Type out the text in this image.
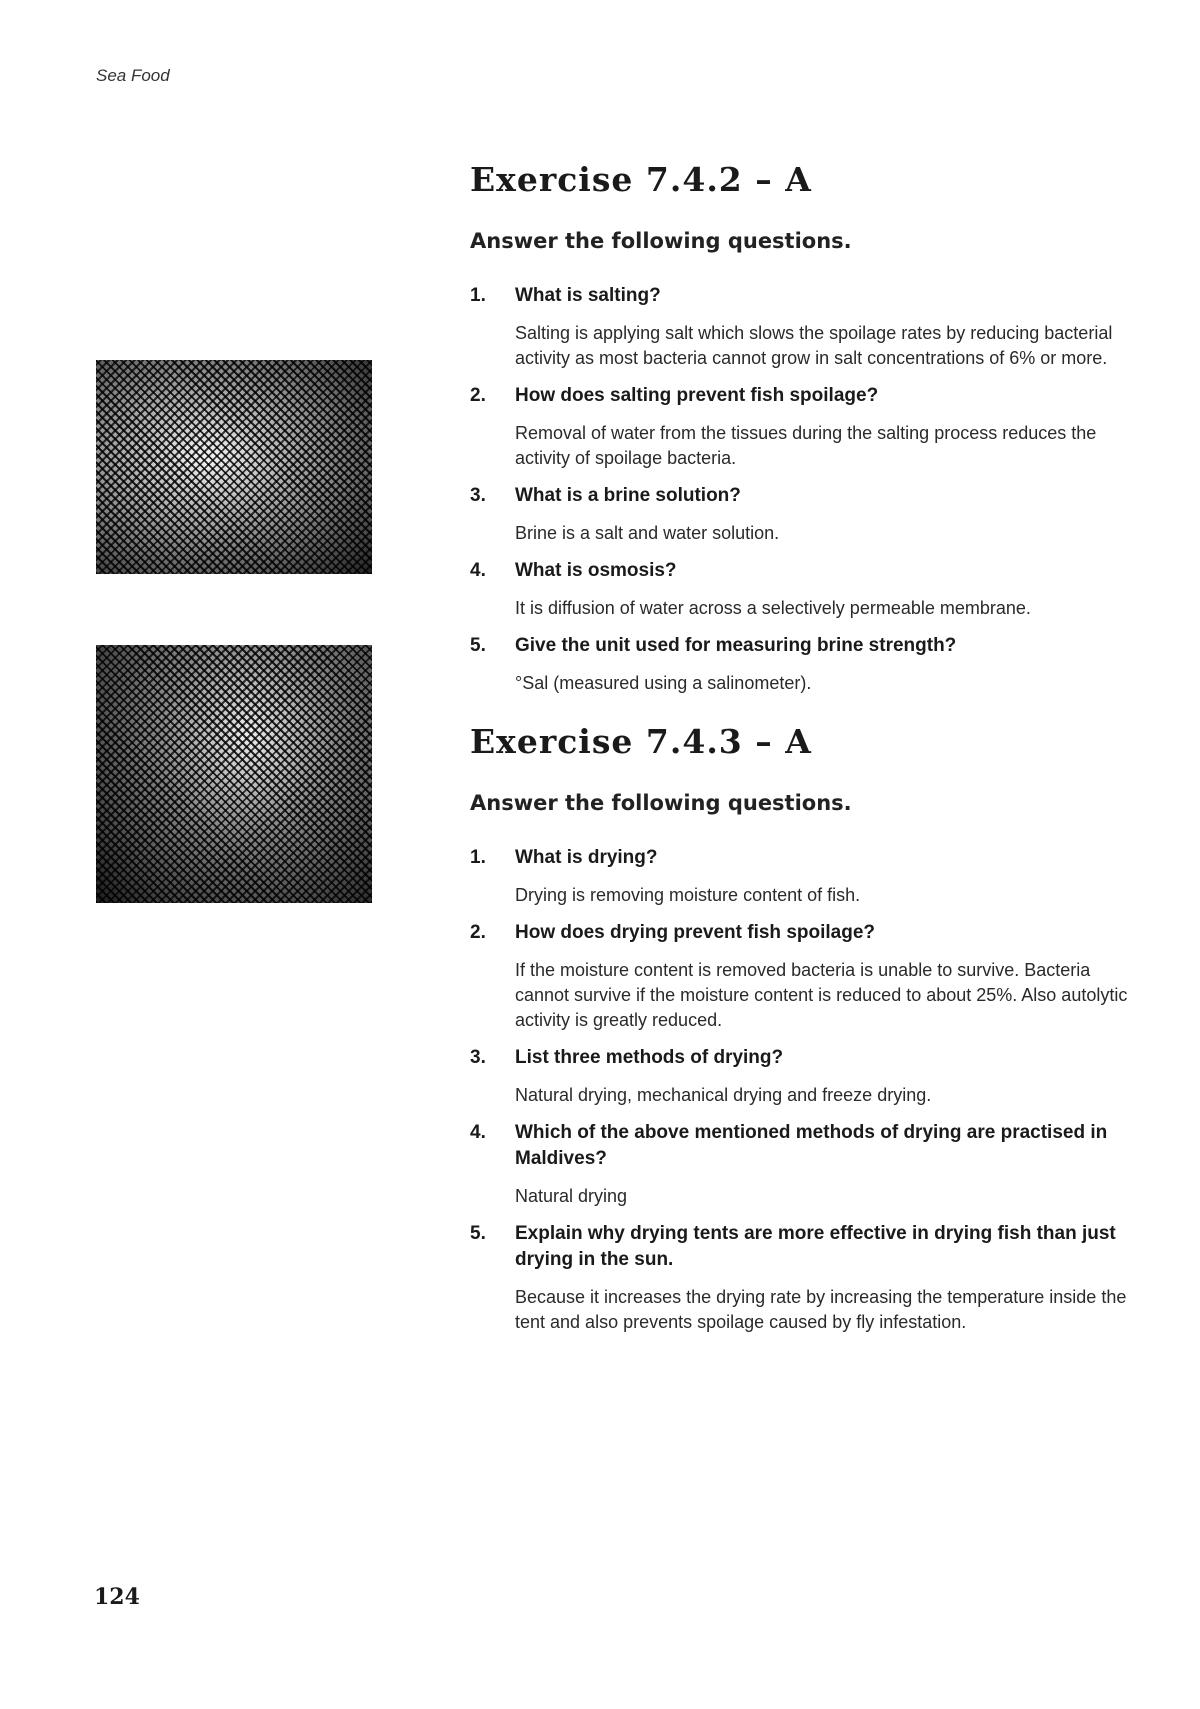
Sea Food
Exercise 7.4.2 – A
Answer the following questions.
1.	What is salting?
Salting is applying salt which slows the spoilage rates by reducing bacterial activity as most bacteria cannot grow in salt concentrations of 6% or more.
2.	How does salting prevent fish spoilage?
Removal of water from the tissues during the salting process reduces the activity of spoilage bacteria.
3.	What is a brine solution?
Brine is a salt and water solution.
4.	What is osmosis?
It is diffusion of water across a selectively permeable membrane.
5.	Give the unit used for measuring brine strength?
°Sal (measured using a salinometer).
Exercise 7.4.3 – A
Answer the following questions.
1.	What is drying?
Drying is removing moisture content of fish.
2.	How does drying prevent fish spoilage?
If the moisture content is removed bacteria is unable to survive. Bacteria cannot survive if the moisture content is reduced to about 25%. Also autolytic activity is greatly reduced.
3.	List three methods of drying?
Natural drying, mechanical drying and freeze drying.
4.	Which of the above mentioned methods of drying are practised in Maldives?
Natural drying
5.	Explain why drying tents are more effective in drying fish than just drying in the sun.
Because it increases the drying rate by increasing the temperature inside the tent and also prevents spoilage caused by fly infestation.
124
